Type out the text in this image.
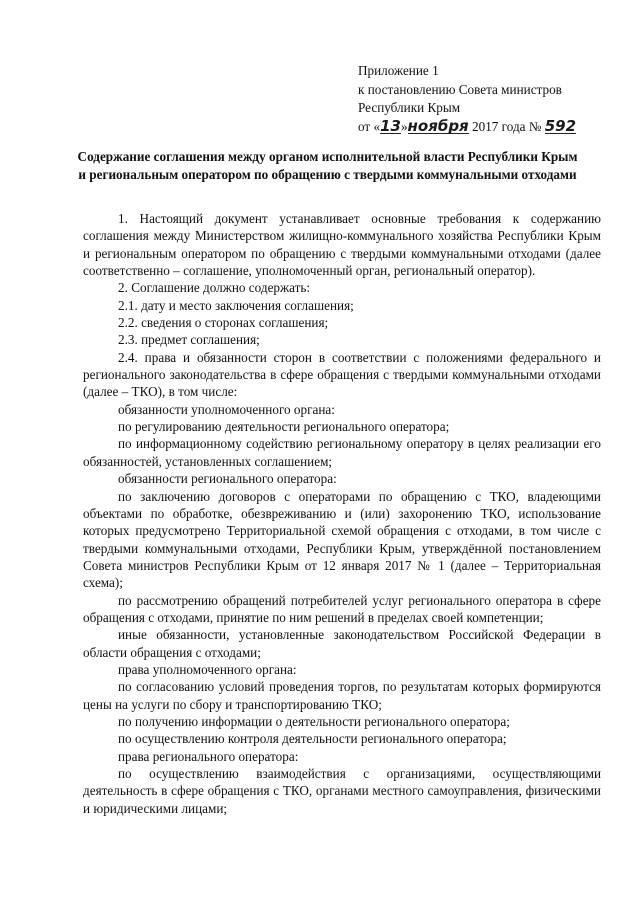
Приложение 1
к постановлению Совета министров
Республики Крым
от «13»ноября 2017 года № 592
Содержание соглашения между органом исполнительной власти Республики Крым и региональным оператором по обращению с твердыми коммунальными отходами

1. Настоящий документ устанавливает основные требования к содержанию соглашения между Министерством жилищно-коммунального хозяйства Республики Крым и региональным оператором по обращению с твердыми коммунальными отходами (далее соответственно – соглашение, уполномоченный орган, региональный оператор).

2. Соглашение должно содержать:

2.1. дату и место заключения соглашения;

2.2. сведения о сторонах соглашения;

2.3. предмет соглашения;

2.4. права и обязанности сторон в соответствии с положениями федерального и регионального законодательства в сфере обращения с твердыми коммунальными отходами (далее – ТКО), в том числе:

обязанности уполномоченного органа:

по регулированию деятельности регионального оператора;

по информационному содействию региональному оператору в целях реализации его обязанностей, установленных соглашением;

обязанности регионального оператора:

по заключению договоров с операторами по обращению с ТКО, владеющими объектами по обработке, обезвреживанию и (или) захоронению ТКО, использование которых предусмотрено Территориальной схемой обращения с отходами, в том числе с твердыми коммунальными отходами, Республики Крым, утверждённой постановлением Совета министров Республики Крым от 12 января 2017 № 1 (далее – Территориальная схема);

по рассмотрению обращений потребителей услуг регионального оператора в сфере обращения с отходами, принятие по ним решений в пределах своей компетенции;

иные обязанности, установленные законодательством Российской Федерации в области обращения с отходами;

права уполномоченного органа:

по согласованию условий проведения торгов, по результатам которых формируются цены на услуги по сбору и транспортированию ТКО;

по получению информации о деятельности регионального оператора;

по осуществлению контроля деятельности регионального оператора;

права регионального оператора:

по осуществлению взаимодействия с организациями, осуществляющими деятельность в сфере обращения с ТКО, органами местного самоуправления, физическими и юридическими лицами;
